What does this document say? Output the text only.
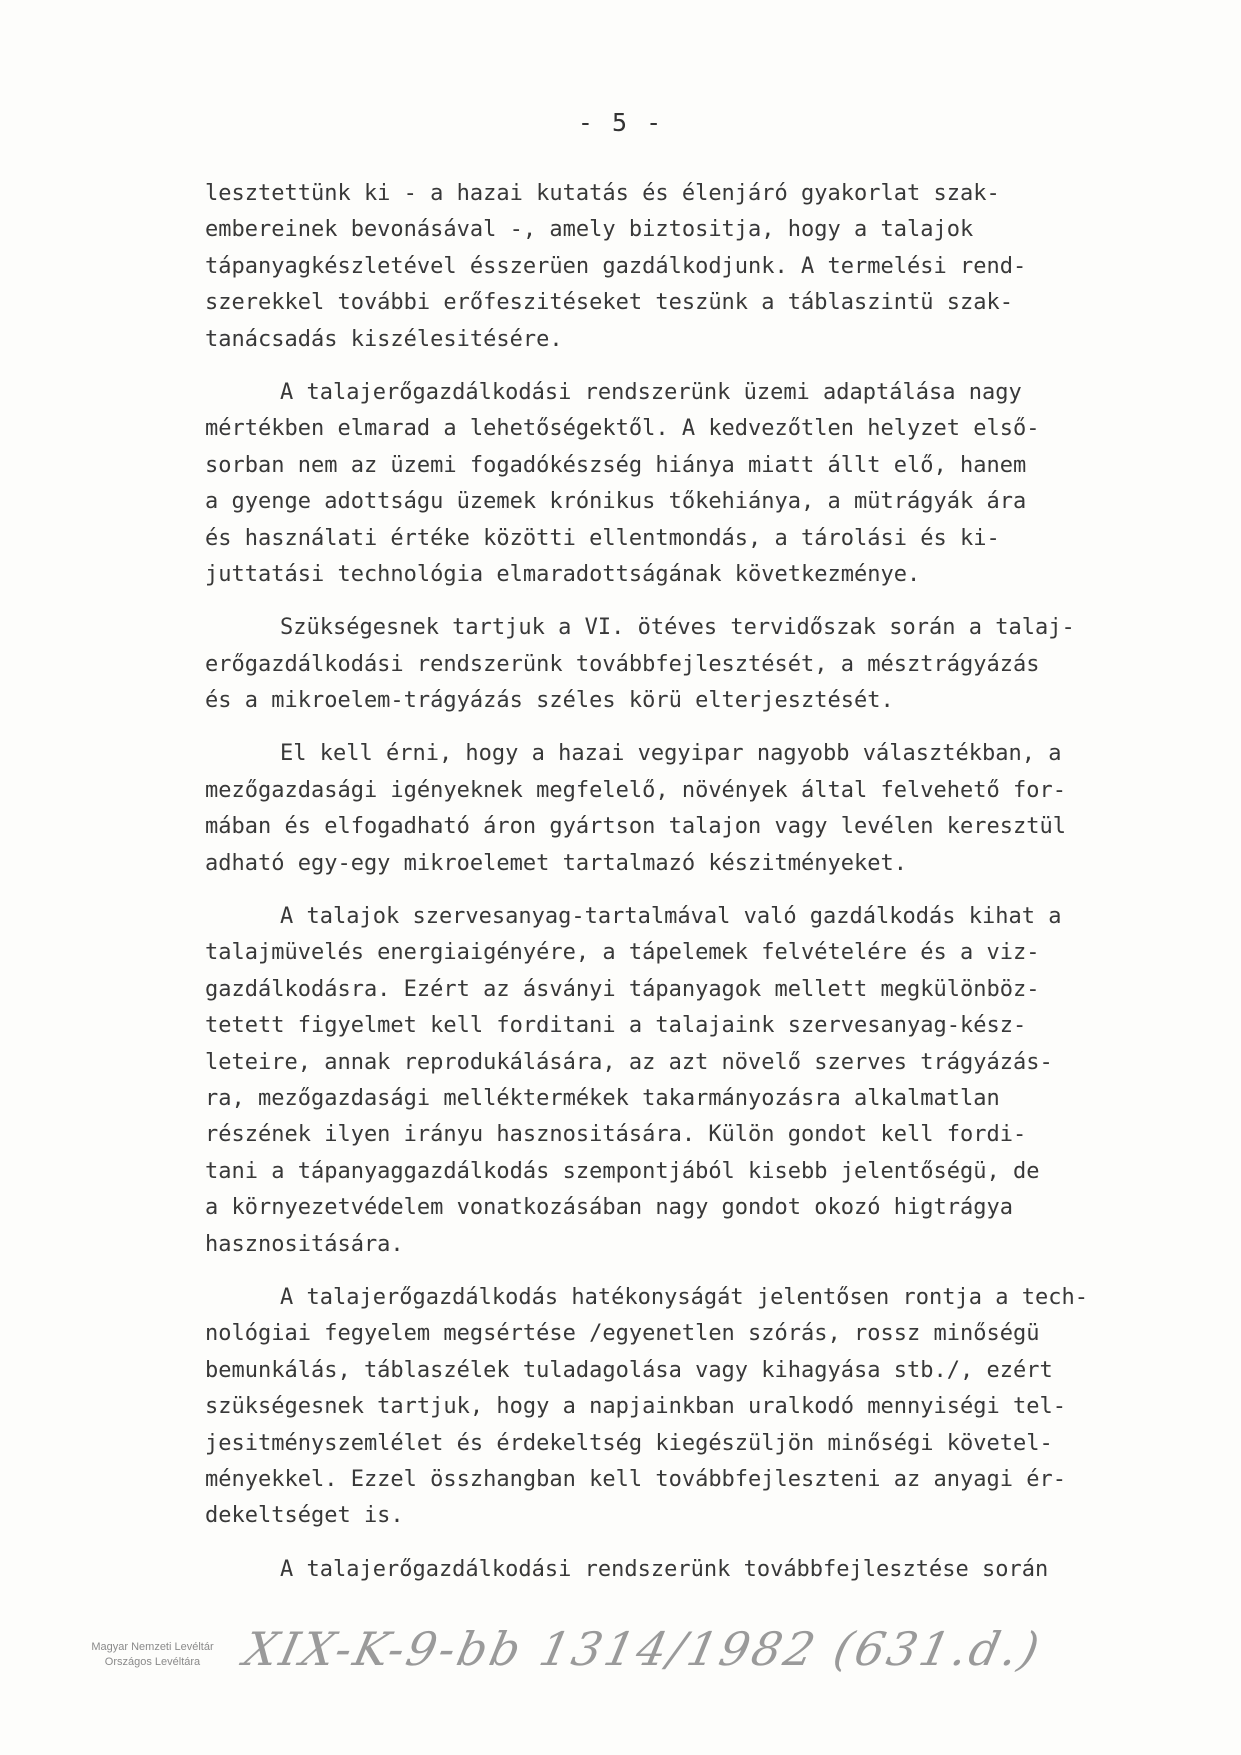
- 5 -
lesztettünk ki - a hazai kutatás és élenjáró gyakorlat szak-
embereinek bevonásával -, amely biztositja, hogy a talajok
tápanyagkészletével ésszerüen gazdálkodjunk. A termelési rend-
szerekkel további erőfeszitéseket teszünk a táblaszintü szak-
tanácsadás kiszélesitésére.
A talajerőgazdálkodási rendszerünk üzemi adaptálása nagy
mértékben elmarad a lehetőségektől. A kedvezőtlen helyzet első-
sorban nem az üzemi fogadókészség hiánya miatt állt elő, hanem
a gyenge adottságu üzemek krónikus tőkehiánya, a mütrágyák ára
és használati értéke közötti ellentmondás, a tárolási és ki-
juttatási technológia elmaradottságának következménye.
Szükségesnek tartjuk a VI. ötéves tervidőszak során a talaj-
erőgazdálkodási rendszerünk továbbfejlesztését, a mésztrágyázás
és a mikroelem-trágyázás széles körü elterjesztését.
El kell érni, hogy a hazai vegyipar nagyobb választékban, a
mezőgazdasági igényeknek megfelelő, növények által felvehető for-
mában és elfogadható áron gyártson talajon vagy levélen keresztül
adható egy-egy mikroelemet tartalmazó készitményeket.
A talajok szervesanyag-tartalmával való gazdálkodás kihat a
talajmüvelés energiaigényére, a tápelemek felvételére és a viz-
gazdálkodásra. Ezért az ásványi tápanyagok mellett megkülönböz-
tetett figyelmet kell forditani a talajaink szervesanyag-kész-
leteire, annak reprodukálására, az azt növelő szerves trágyázás-
ra, mezőgazdasági melléktermékek takarmányozásra alkalmatlan
részének ilyen irányu hasznositására. Külön gondot kell fordi-
tani a tápanyaggazdálkodás szempontjából kisebb jelentőségü, de
a környezetvédelem vonatkozásában nagy gondot okozó higtrágya
hasznositására.
A talajerőgazdálkodás hatékonyságát jelentősen rontja a tech-
nológiai fegyelem megsértése /egyenetlen szórás, rossz minőségü
bemunkálás, táblaszélek tuladagolása vagy kihagyása stb./, ezért
szükségesnek tartjuk, hogy a napjainkban uralkodó mennyiségi tel-
jesitményszemlélet és érdekeltség kiegészüljön minőségi követel-
ményekkel. Ezzel összhangban kell továbbfejleszteni az anyagi ér-
dekeltséget is.
A talajerőgazdálkodási rendszerünk továbbfejlesztése során
Magyar Nemzeti Levéltár
Országos Levéltára XIX-K-9-bb 1314/1982 (631.d.)
